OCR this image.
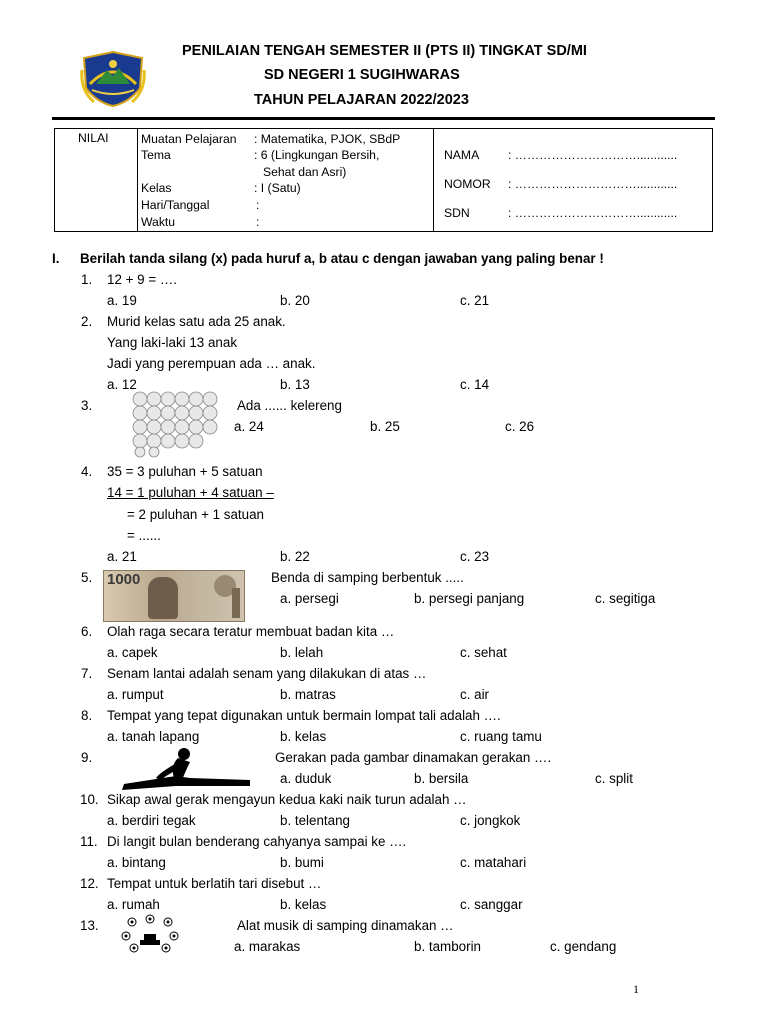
PENILAIAN TENGAH SEMESTER II (PTS II) TINGKAT SD/MI
SD NEGERI 1 SUGIHWARAS
TAHUN PELAJARAN 2022/2023
NILAI	Muatan Pelajaran : Matematika, PJOK, SBdP
Tema	: 6 (Lingkungan Bersih,
Sehat dan Asri)
Kelas	: I (Satu)
Hari/Tanggal	:
Waktu	:
NAMA : …………………………............
NOMOR : …………………………............
SDN	: …………………………............
I. Berilah tanda silang (x) pada huruf a, b atau c dengan jawaban yang paling benar !
1. 12 + 9 = ….
a. 19	b. 20	c. 21
2. Murid kelas satu ada 25 anak.
Yang laki-laki 13 anak
Jadi yang perempuan ada … anak.
a. 12	b. 13	c. 14
3.	Ada ...... kelereng
a. 24	b. 25	c. 26
4. 35 = 3 puluhan + 5 satuan
14 = 1 puluhan + 4 satuan –
= 2 puluhan + 1 satuan
= ......
a. 21	b. 22	c. 23
5. 1000	Benda di samping berbentuk .....
a. persegi	b. persegi panjang	c. segitiga
6. Olah raga secara teratur membuat badan kita …
a. capek	b. lelah	c. sehat
7. Senam lantai adalah senam yang dilakukan di atas …
a. rumput	b. matras	c. air
8. Tempat yang tepat digunakan untuk bermain lompat tali adalah ….
a. tanah lapang	b. kelas	c. ruang tamu
9.	Gerakan pada gambar dinamakan gerakan ….
a. duduk	b. bersila	c. split
10. Sikap awal gerak mengayun kedua kaki naik turun adalah …
a. berdiri tegak	b. telentang	c. jongkok
11. Di langit bulan benderang cahyanya sampai ke ….
a. bintang	b. bumi	c. matahari
12. Tempat untuk berlatih tari disebut …
a. rumah	b. kelas	c. sanggar
13.	Alat musik di samping dinamakan …
a. marakas	b. tamborin	c. gendang
1
